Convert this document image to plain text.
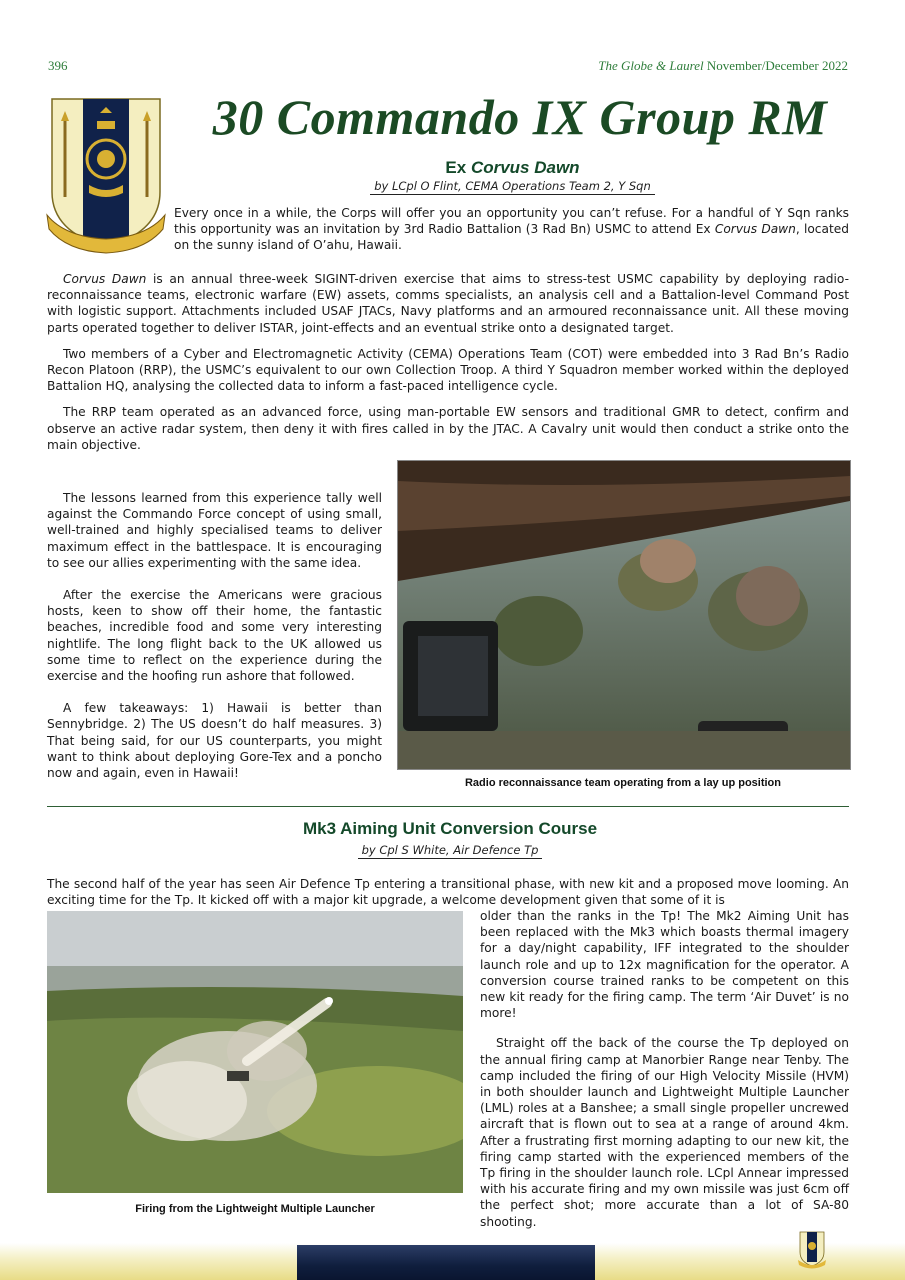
396	The Globe & Laurel November/December 2022
30 Commando IX Group RM
Ex Corvus Dawn
by LCpl O Flint, CEMA Operations Team 2, Y Sqn

Every once in a while, the Corps will offer you an opportunity you can’t refuse. For a handful of Y Sqn ranks this opportunity was an invitation by 3rd Radio Battalion (3 Rad Bn) USMC to attend Ex Corvus Dawn, located on the sunny island of O’ahu, Hawaii.

Corvus Dawn is an annual three-week SIGINT-driven exercise that aims to stress-test USMC capability by deploying radio-reconnaissance teams, electronic warfare (EW) assets, comms specialists, an analysis cell and a Battalion-level Command Post with logistic support. Attachments included USAF JTACs, Navy platforms and an armoured reconnaissance unit. All these moving parts operated together to deliver ISTAR, joint-effects and an eventual strike onto a designated target.

Two members of a Cyber and Electromagnetic Activity (CEMA) Operations Team (COT) were embedded into 3 Rad Bn’s Radio Recon Platoon (RRP), the USMC’s equivalent to our own Collection Troop. A third Y Squadron member worked within the deployed Battalion HQ, analysing the collected data to inform a fast-paced intelligence cycle.

The RRP team operated as an advanced force, using man-portable EW sensors and traditional GMR to detect, confirm and observe an active radar system, then deny it with fires called in by the JTAC. A Cavalry unit would then conduct a strike onto the main objective.

The lessons learned from this experience tally well against the Commando Force concept of using small, well-trained and highly specialised teams to deliver maximum effect in the battlespace. It is encouraging to see our allies experimenting with the same idea.

After the exercise the Americans were gracious hosts, keen to show off their home, the fantastic beaches, incredible food and some very interesting nightlife. The long flight back to the UK allowed us some time to reflect on the experience during the exercise and the hoofing run ashore that followed.

A few takeaways: 1) Hawaii is better than Sennybridge. 2) The US doesn’t do half measures. 3) That being said, for our US counterparts, you might want to think about deploying Gore-Tex and a poncho now and again, even in Hawaii!

Radio reconnaissance team operating from a lay up position
Mk3 Aiming Unit Conversion Course
by Cpl S White, Air Defence Tp

The second half of the year has seen Air Defence Tp entering a transitional phase, with new kit and a proposed move looming. An exciting time for the Tp. It kicked off with a major kit upgrade, a welcome development given that some of it is

Firing from the Lightweight Multiple Launcher

older than the ranks in the Tp! The Mk2 Aiming Unit has been replaced with the Mk3 which boasts thermal imagery for a day/night capability, IFF integrated to the shoulder launch role and up to 12x magnification for the operator. A conversion course trained ranks to be competent on this new kit ready for the firing camp. The term ‘Air Duvet’ is no more!

Straight off the back of the course the Tp deployed on the annual firing camp at Manorbier Range near Tenby. The camp included the firing of our High Velocity Missile (HVM) in both shoulder launch and Lightweight Multiple Launcher (LML) roles at a Banshee; a small single propeller uncrewed aircraft that is flown out to sea at a range of around 4km. After a frustrating first morning adapting to our new kit, the firing camp started with the experienced members of the Tp firing in the shoulder launch role. LCpl Annear impressed with his accurate firing and my own missile was just 6cm off the perfect shot; more accurate than a lot of SA-80 shooting.
